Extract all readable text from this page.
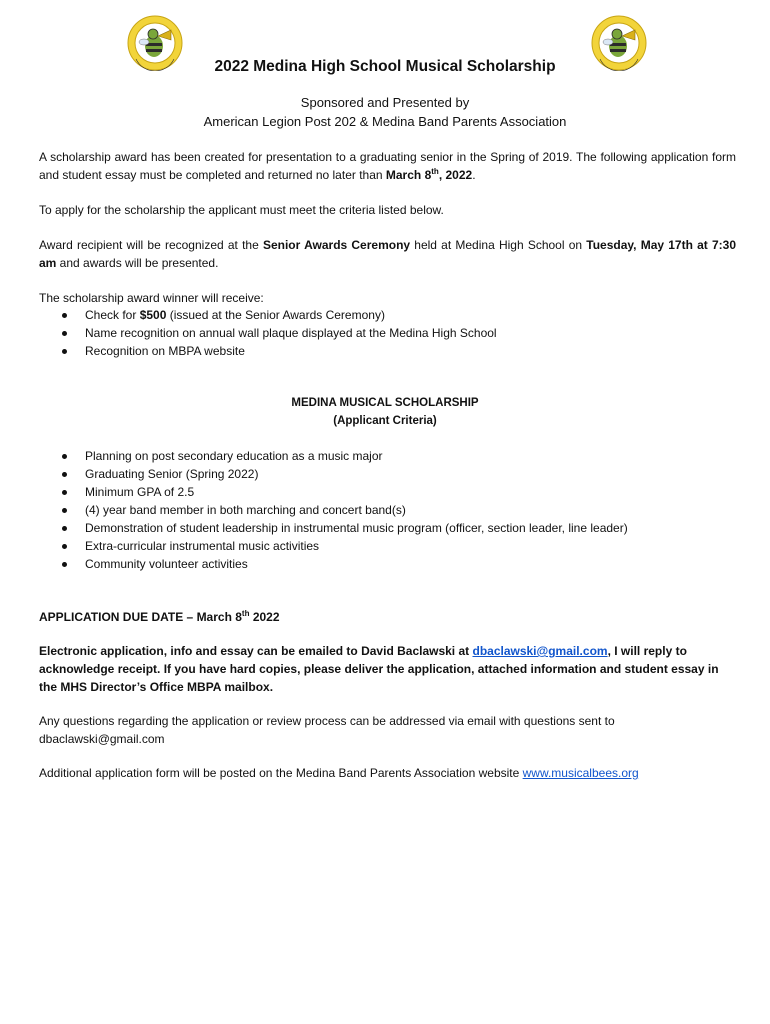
2022 Medina High School Musical Scholarship
Sponsored and Presented by
American Legion Post 202 & Medina Band Parents Association

A scholarship award has been created for presentation to a graduating senior in the Spring of 2019. The following application form and student essay must be completed and returned no later than March 8th, 2022.

To apply for the scholarship the applicant must meet the criteria listed below.

Award recipient will be recognized at the Senior Awards Ceremony held at Medina High School on Tuesday, May 17th at 7:30 am and awards will be presented.

The scholarship award winner will receive:

Check for $500 (issued at the Senior Awards Ceremony)
Name recognition on annual wall plaque displayed at the Medina High School
Recognition on MBPA website
MEDINA MUSICAL SCHOLARSHIP
(Applicant Criteria)
Planning on post secondary education as a music major
Graduating Senior (Spring 2022)
Minimum GPA of 2.5
(4) year band member in both marching and concert band(s)
Demonstration of student leadership in instrumental music program (officer, section leader, line leader)
Extra-curricular instrumental music activities
Community volunteer activities

APPLICATION DUE DATE – March 8th 2022

Electronic application, info and essay can be emailed to David Baclawski at dbaclawski@gmail.com, I will reply to acknowledge receipt. If you have hard copies, please deliver the application, attached information and student essay in the MHS Director’s Office MBPA mailbox.

Any questions regarding the application or review process can be addressed via email with questions sent to dbaclawski@gmail.com

Additional application form will be posted on the Medina Band Parents Association website www.musicalbees.org
